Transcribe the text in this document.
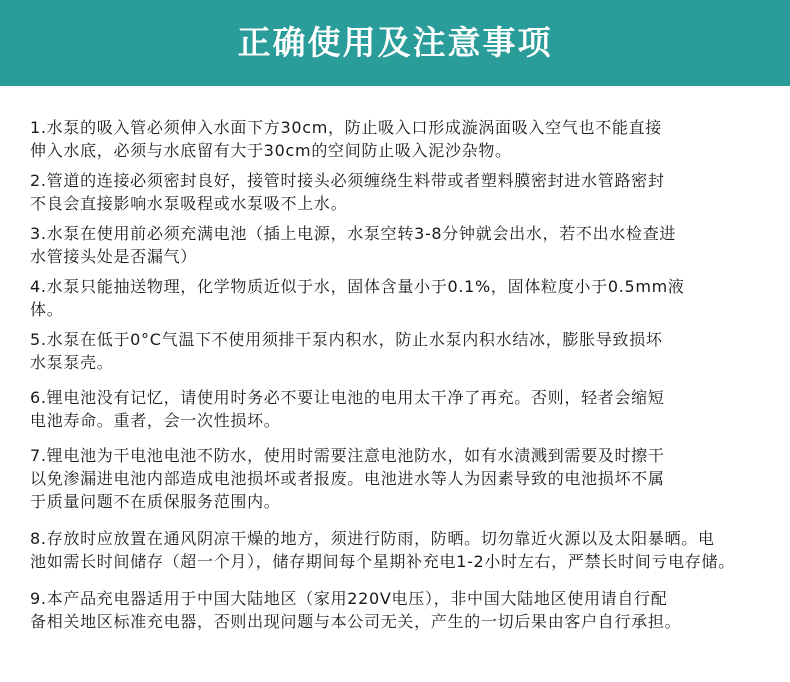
正确使用及注意事项
1.水泵的吸入管必须伸入水面下方30cm，防止吸入口形成漩涡面吸入空气也不能直接
伸入水底，必须与水底留有大于30cm的空间防止吸入泥沙杂物。
2.管道的连接必须密封良好，接管时接头必须缠绕生料带或者塑料膜密封进水管路密封
不良会直接影响水泵吸程或水泵吸不上水。
3.水泵在使用前必须充满电池（插上电源，水泵空转3-8分钟就会出水，若不出水检查进
水管接头处是否漏气）
4.水泵只能抽送物理，化学物质近似于水，固体含量小于0.1%，固体粒度小于0.5mm液
体。
5.水泵在低于0°C气温下不使用须排干泵内积水，防止水泵内积水结冰，膨胀导致损坏
水泵泵壳。
6.锂电池没有记忆，请使用时务必不要让电池的电用太干净了再充。否则，轻者会缩短
电池寿命。重者，会一次性损坏。
7.锂电池为干电池电池不防水，使用时需要注意电池防水，如有水渍溅到需要及时擦干
以免渗漏进电池内部造成电池损坏或者报废。电池进水等人为因素导致的电池损坏不属
于质量问题不在质保服务范围内。
8.存放时应放置在通风阴凉干燥的地方，须进行防雨，防晒。切勿靠近火源以及太阳暴晒。电
池如需长时间储存（超一个月），储存期间每个星期补充电1-2小时左右，严禁长时间亏电存储。
9.本产品充电器适用于中国大陆地区（家用220V电压），非中国大陆地区使用请自行配
备相关地区标准充电器，否则出现问题与本公司无关，产生的一切后果由客户自行承担。
